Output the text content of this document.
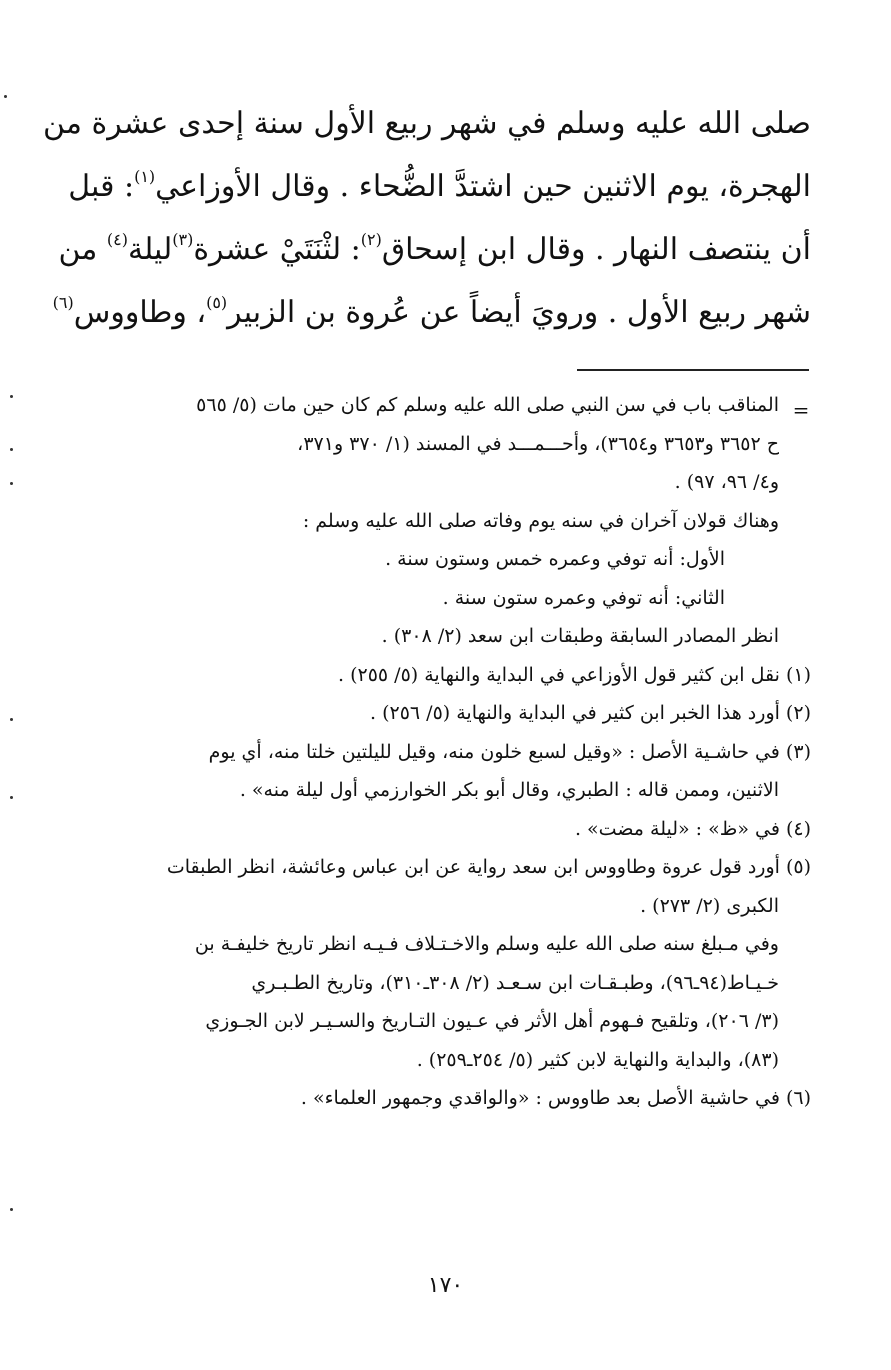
صلى الله عليه وسلم في شهر ربيع الأول سنة إحدى عشرة من
الهجرة، يوم الاثنين حين اشتدَّ الضُّحاء . وقال الأوزاعي$^{(١)}$: قبل
أن ينتصف النهار . وقال ابن إسحاق$^{(٢)}$: لثْنَتَيْ عشرة$^{(٣)}$ليلة$^{(٤)}$ من
شهر ربيع الأول . ورويَ أيضاً عن عُروة بن الزبير$^{(٥)}$، وطاووس$^{(٦)}$
=
المناقب باب في سن النبي صلى الله عليه وسلم كم كان حين مات (٥/ ٥٦٥
ح ٣٦٥٢ و٣٦٥٣ و٣٦٥٤)، وأحـــمـــد في المسند (١/ ٣٧٠ و٣٧١،
و٤/ ٩٦، ٩٧) .
وهناك قولان آخران في سنه يوم وفاته صلى الله عليه وسلم :
الأول: أنه توفي وعمره خمس وستون سنة .
الثاني: أنه توفي وعمره ستون سنة .
انظر المصادر السابقة وطبقات ابن سعد (٢/ ٣٠٨) .
(١) نقل ابن كثير قول الأوزاعي في البداية والنهاية (٥/ ٢٥٥) .
(٢) أورد هذا الخبر ابن كثير في البداية والنهاية (٥/ ٢٥٦) .
(٣) في حاشـية الأصل : «وقيل لسبع خلون منه، وقيل لليلتين خلتا منه، أي يوم
الاثنين، وممن قاله : الطبري، وقال أبو بكر الخوارزمي أول ليلة منه» .
(٤) في «ظ» : «ليلة مضت» .
(٥) أورد قول عروة وطاووس ابن سعد رواية عن ابن عباس وعائشة، انظر الطبقات
الكبرى (٢/ ٢٧٣) .
وفي مـبلغ سنه صلى الله عليه وسلم والاخـتـلاف فـيـه انظر تاريخ خليفـة بن
خـيـاط(٩٤ـ٩٦)، وطبـقـات ابن سـعـد (٢/ ٣٠٨ـ٣١٠)، وتاريخ الطـبـري
(٣/ ٢٠٦)، وتلقيح فـهوم أهل الأثر في عـيون التـاريخ والسـيـر لابن الجـوزي
(٨٣)، والبداية والنهاية لابن كثير (٥/ ٢٥٤ـ٢٥٩) .
(٦) في حاشية الأصل بعد طاووس : «والواقدي وجمهور العلماء» .
١٧٠
